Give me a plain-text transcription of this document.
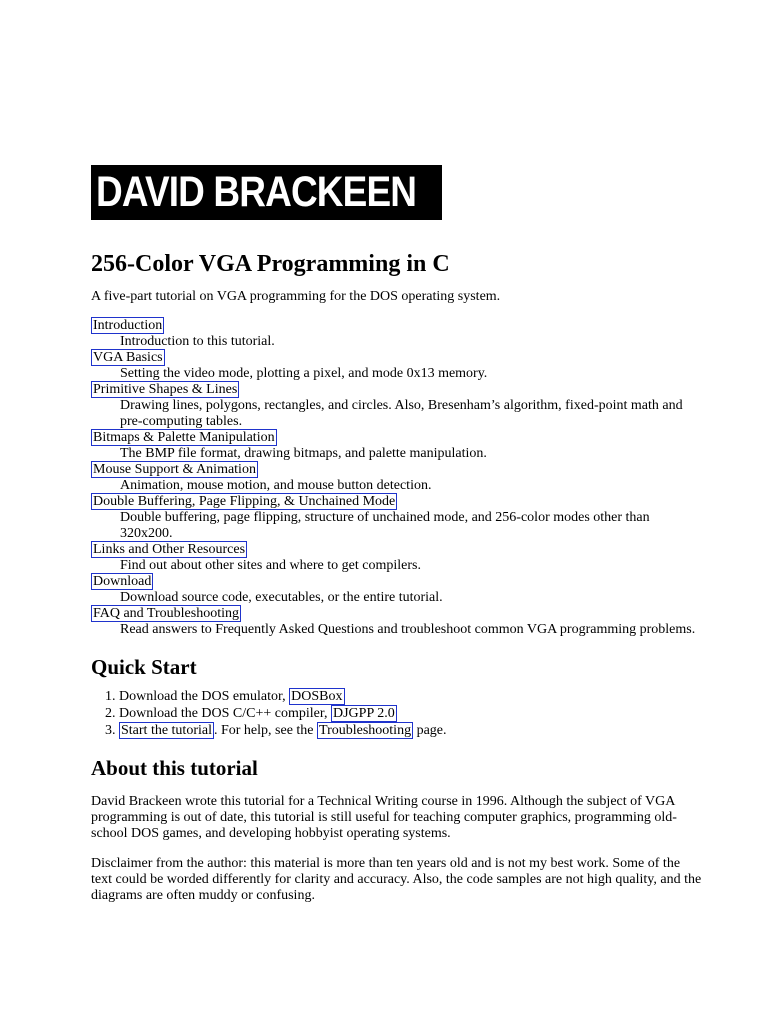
DAVID BRACKEEN
256-Color VGA Programming in C

A five-part tutorial on VGA programming for the DOS operating system.

Introduction
Introduction to this tutorial.
VGA Basics
Setting the video mode, plotting a pixel, and mode 0x13 memory.
Primitive Shapes & Lines
Drawing lines, polygons, rectangles, and circles. Also, Bresenham’s algorithm, fixed-point math and pre-computing tables.
Bitmaps & Palette Manipulation
The BMP file format, drawing bitmaps, and palette manipulation.
Mouse Support & Animation
Animation, mouse motion, and mouse button detection.
Double Buffering, Page Flipping, & Unchained Mode
Double buffering, page flipping, structure of unchained mode, and 256-color modes other than 320x200.
Links and Other Resources
Find out about other sites and where to get compilers.
Download
Download source code, executables, or the entire tutorial.
FAQ and Troubleshooting
Read answers to Frequently Asked Questions and troubleshoot common VGA programming problems.
Quick Start
1. Download the DOS emulator, DOSBox
2. Download the DOS C/C++ compiler, DJGPP 2.0
3. Start the tutorial . For help, see the Troubleshooting page.
About this tutorial

David Brackeen wrote this tutorial for a Technical Writing course in 1996. Although the subject of VGA programming is out of date, this tutorial is still useful for teaching computer graphics, programming old-school DOS games, and developing hobbyist operating systems.

Disclaimer from the author: this material is more than ten years old and is not my best work. Some of the text could be worded differently for clarity and accuracy. Also, the code samples are not high quality, and the diagrams are often muddy or confusing.
